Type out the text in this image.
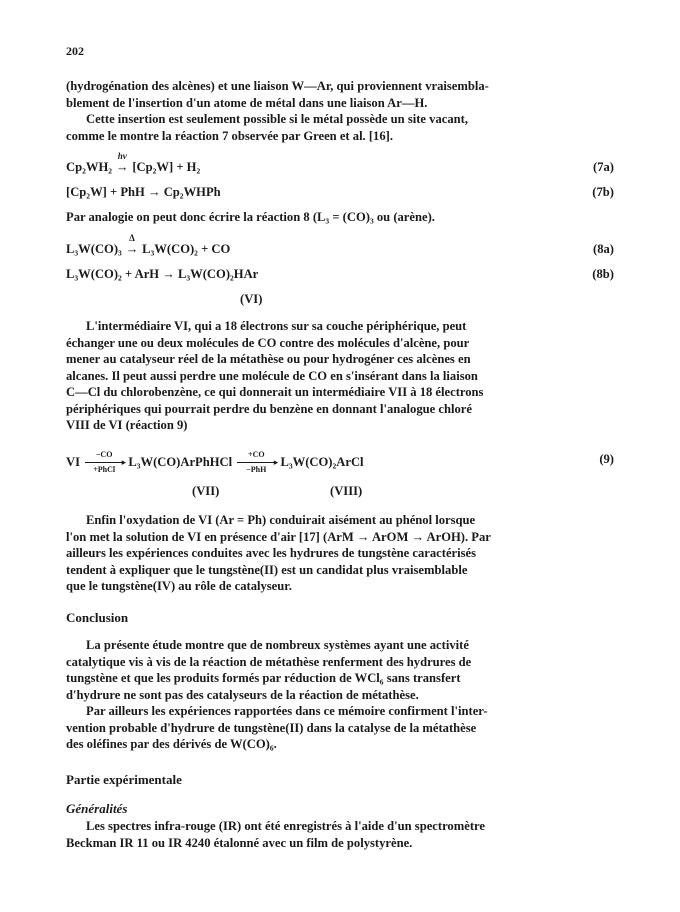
202
(hydrogénation des alcènes) et une liaison W—Ar, qui proviennent vraisembla-
blement de l'insertion d'un atome de métal dans une liaison Ar—H.
Cette insertion est seulement possible si le métal possède un site vacant,
comme le montre la réaction 7 observée par Green et al. [16].
Cp₂WH₂
hν
→ [Cp₂W] + H₂	(7a)
[Cp₂W] + PhH → Cp₂WHPh	(7b)
Par analogie on peut donc écrire la réaction 8 (L₃ = (CO)₃ ou (arène).
L₃W(CO)₃
Δ
→ L₃W(CO)₂ + CO	(8a)
L₃W(CO)₂ + ArH → L₃W(CO)₂HAr	(8b)
(VI)
L'intermédiaire VI, qui a 18 électrons sur sa couche périphérique, peut
échanger une ou deux molécules de CO contre des molécules d'alcène, pour
mener au catalyseur réel de la métathèse ou pour hydrogéner ces alcènes en
alcanes. Il peut aussi perdre une molécule de CO en s'insérant dans la liaison
C—Cl du chlorobenzène, ce qui donnerait un intermédiaire VII à 18 électrons
périphériques qui pourrait perdre du benzène en donnant l'analogue chloré
VIII de VI (réaction 9)
VI
−CO
▸
+PhCl
L₃W(CO)ArPhHCl
+CO
▸
−PhH
L₃W(CO)₂ArCl	(9)
(VII)	(VIII)
Enfin l'oxydation de VI (Ar = Ph) conduirait aisément au phénol lorsque
l'on met la solution de VI en présence d'air [17] (ArM → ArOM → ArOH). Par
ailleurs les expériences conduites avec les hydrures de tungstène caractérisés
tendent à expliquer que le tungstène(II) est un candidat plus vraisemblable
que le tungstène(IV) au rôle de catalyseur.
Conclusion
La présente étude montre que de nombreux systèmes ayant une activité
catalytique vis à vis de la réaction de métathèse renferment des hydrures de
tungstène et que les produits formés par réduction de WCl₆ sans transfert
d'hydrure ne sont pas des catalyseurs de la réaction de métathèse.
Par ailleurs les expériences rapportées dans ce mémoire confirment l'inter-
vention probable d'hydrure de tungstène(II) dans la catalyse de la métathèse
des oléfines par des dérivés de W(CO)₆.
Partie expérimentale
Généralités
Les spectres infra-rouge (IR) ont été enregistrés à l'aide d'un spectromètre
Beckman IR 11 ou IR 4240 étalonné avec un film de polystyrène.
